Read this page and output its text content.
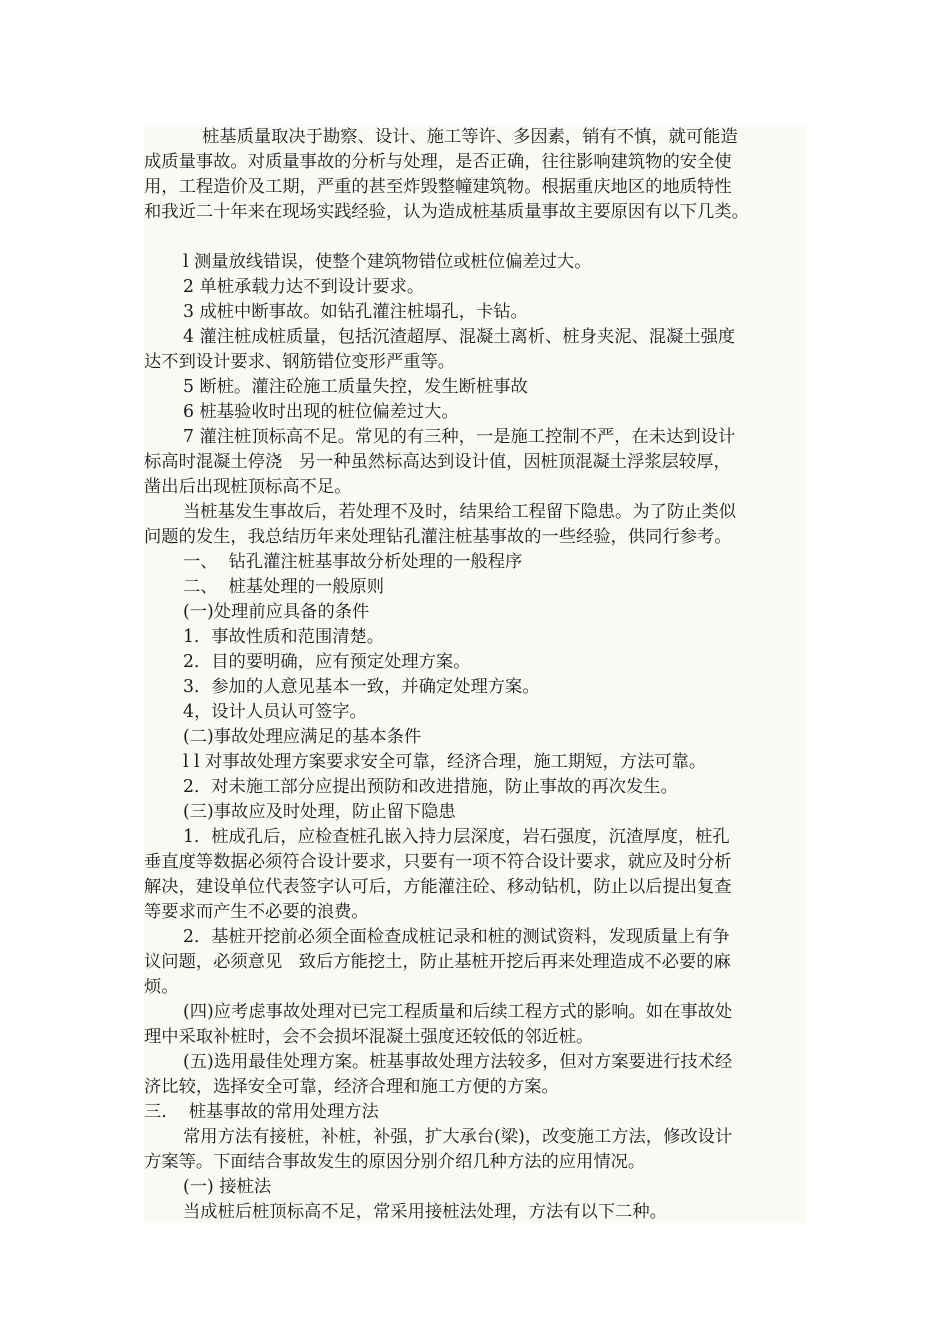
桩基质量取决于勘察、设计、施工等许、多因素，销有不慎，就可能造
成质量事故。对质量事故的分析与处理，是否正确，往往影响建筑物的安全使
用，工程造价及工期，严重的甚至炸毁整幢建筑物。根据重庆地区的地质特性
和我近二十年来在现场实践经验，认为造成桩基质量事故主要原因有以下几类。
l 测量放线错误，使整个建筑物错位或桩位偏差过大。
2 单桩承载力达不到设计要求。
3 成桩中断事故。如钻孔灌注桩塌孔，卡钻。
4 灌注桩成桩质量，包括沉渣超厚、混凝土离析、桩身夹泥、混凝土强度
达不到设计要求、钢筋错位变形严重等。
5 断桩。灌注砼施工质量失控，发生断桩事故
6 桩基验收时出现的桩位偏差过大。
7 灌注桩顶标高不足。常见的有三种，一是施工控制不严，在未达到设计
标高时混凝土停浇   另一种虽然标高达到设计值，因桩顶混凝土浮浆层较厚，
凿出后出现桩顶标高不足。
当桩基发生事故后，若处理不及时，结果给工程留下隐患。为了防止类似
问题的发生，我总结历年来处理钻孔灌注桩基事故的一些经验，供同行参考。
一、  钻孔灌注桩基事故分析处理的一般程序
二、  桩基处理的一般原则
(一)处理前应具备的条件
1．事故性质和范围清楚。
2．目的要明确，应有预定处理方案。
3．参加的人意见基本一致，并确定处理方案。
4，设计人员认可签字。
(二)事故处理应满足的基本条件
l l 对事故处理方案要求安全可靠，经济合理，施工期短，方法可靠。
2．对未施工部分应提出预防和改进措施，防止事故的再次发生。
(三)事故应及时处理，防止留下隐患
1．桩成孔后，应检查桩孔嵌入持力层深度，岩石强度，沉渣厚度，桩孔
垂直度等数据必须符合设计要求，只要有一项不符合设计要求，就应及时分析
解决，建设单位代表签字认可后，方能灌注砼、移动钻机，防止以后提出复查
等要求而产生不必要的浪费。
2．基桩开挖前必须全面检查成桩记录和桩的测试资料，发现质量上有争
议问题，必须意见   致后方能挖土，防止基桩开挖后再来处理造成不必要的麻
烦。
(四)应考虑事故处理对已完工程质量和后续工程方式的影响。如在事故处
理中采取补桩时，会不会损坏混凝土强度还较低的邻近桩。
(五)选用最佳处理方案。桩基事故处理方法较多，但对方案要进行技术经
济比较，选择安全可靠，经济合理和施工方便的方案。
三.    桩基事故的常用处理方法
常用方法有接桩，补桩，补强，扩大承台(梁)，改变施工方法，修改设计
方案等。下面结合事故发生的原因分别介绍几种方法的应用情况。
(一) 接桩法
当成桩后桩顶标高不足，常采用接桩法处理，方法有以下二种。
